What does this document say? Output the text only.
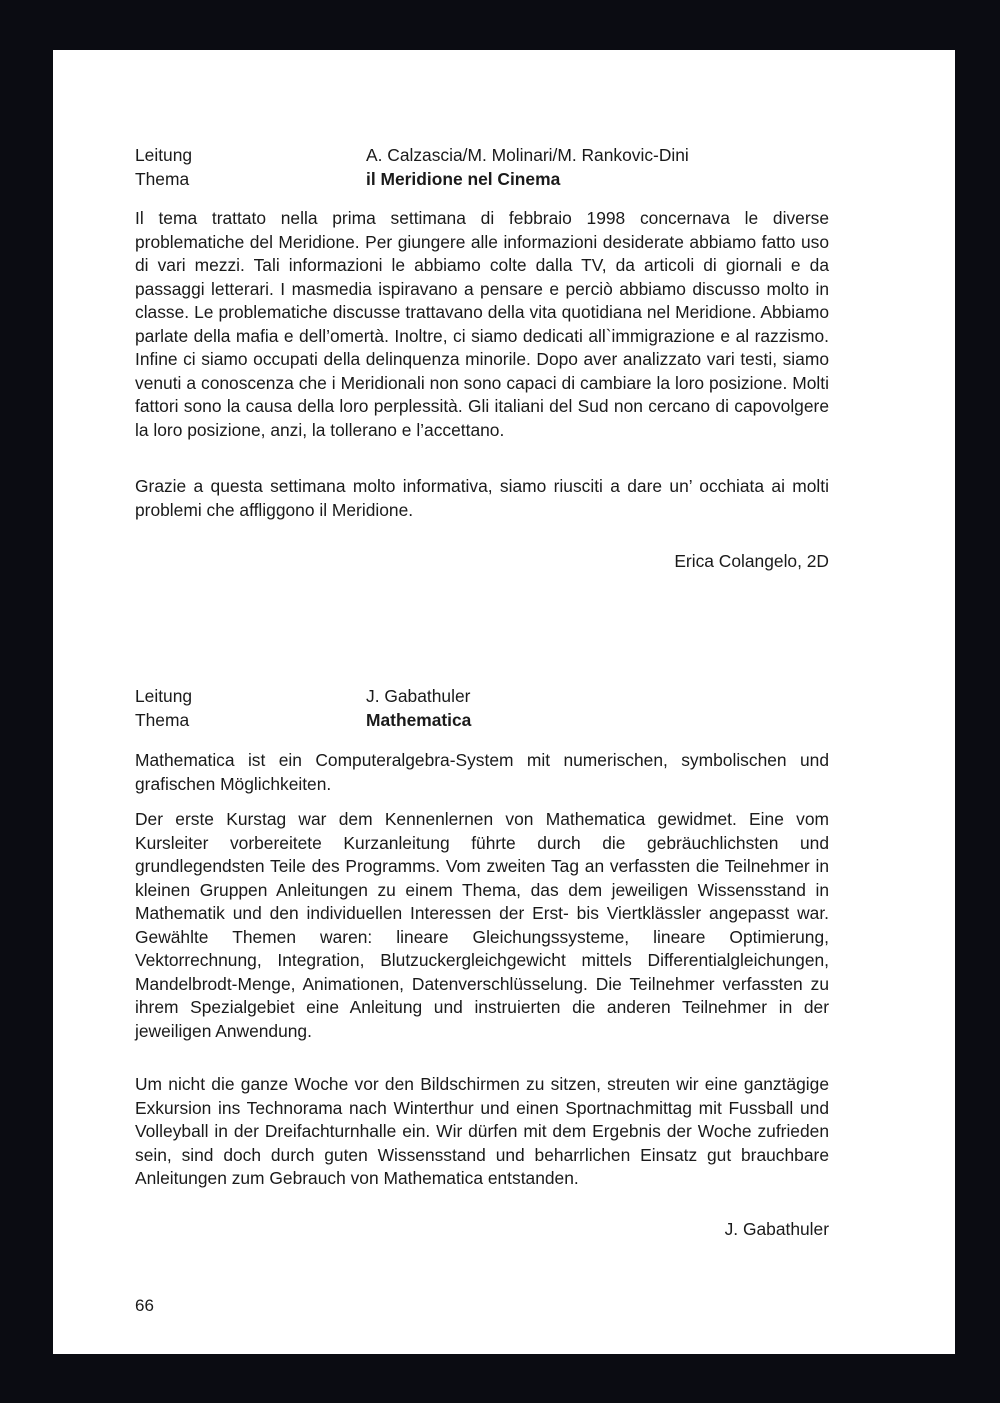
Leitung	A. Calzascia/M. Molinari/M. Rankovic-Dini
Thema	il Meridione nel Cinema

Il tema trattato nella prima settimana di febbraio 1998 concernava le diverse problematiche del Meridione. Per giungere alle informazioni desiderate abbiamo fatto uso di vari mezzi. Tali informazioni le abbiamo colte dalla TV, da articoli di giornali e da passaggi letterari. I masmedia ispiravano a pensare e perciò abbiamo discusso molto in classe. Le problematiche discusse trattavano della vita quotidiana nel Meridione. Abbiamo parlate della mafia e dell’omertà. Inoltre, ci siamo dedicati all`immigrazione e al razzismo. Infine ci siamo occupati della delinquenza minorile. Dopo aver analizzato vari testi, siamo venuti a conoscenza che i Meridionali non sono capaci di cambiare la loro posizione. Molti fattori sono la causa della loro perplessità. Gli italiani del Sud non cercano di capovolgere la loro posizione, anzi, la tollerano e l’accettano.

Grazie a questa settimana molto informativa, siamo riusciti a dare un’ occhiata ai molti problemi che affliggono il Meridione.

Erica Colangelo, 2D
Leitung	J. Gabathuler
Thema	Mathematica

Mathematica ist ein Computeralgebra-System mit numerischen, symbolischen und grafischen Möglichkeiten.

Der erste Kurstag war dem Kennenlernen von Mathematica gewidmet. Eine vom Kursleiter vorbereitete Kurzanleitung führte durch die gebräuchlichsten und grundlegendsten Teile des Programms. Vom zweiten Tag an verfassten die Teilnehmer in kleinen Gruppen Anleitungen zu einem Thema, das dem jeweiligen Wissensstand in Mathematik und den individuellen Interessen der Erst- bis Viertklässler angepasst war. Gewählte Themen waren: lineare Gleichungssysteme, lineare Optimierung, Vektorrechnung, Integration, Blutzuckergleichgewicht mittels Differentialgleichungen, Mandelbrodt-Menge, Animationen, Datenverschlüsselung. Die Teilnehmer verfassten zu ihrem Spezialgebiet eine Anleitung und instruierten die anderen Teilnehmer in der jeweiligen Anwendung.

Um nicht die ganze Woche vor den Bildschirmen zu sitzen, streuten wir eine ganztägige Exkursion ins Technorama nach Winterthur und einen Sportnachmittag mit Fussball und Volleyball in der Dreifachturnhalle ein. Wir dürfen mit dem Ergebnis der Woche zufrieden sein, sind doch durch guten Wissensstand und beharrlichen Einsatz gut brauchbare Anleitungen zum Gebrauch von Mathematica entstanden.

J. Gabathuler
66
